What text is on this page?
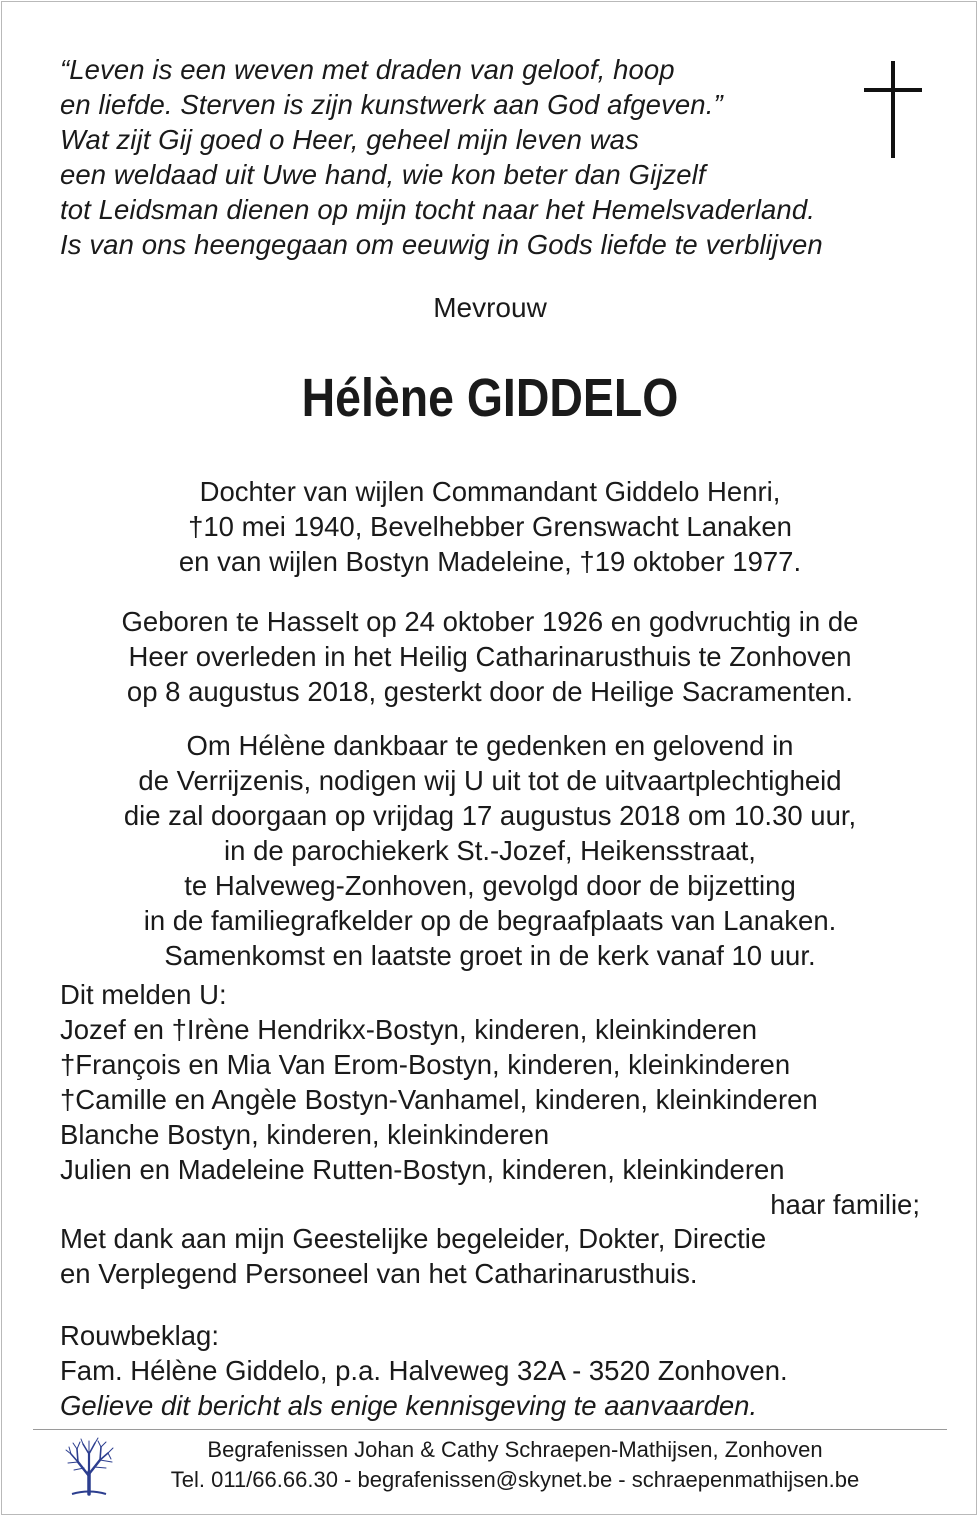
“Leven is een weven met draden van geloof, hoop
en liefde. Sterven is zijn kunstwerk aan God afgeven.”
Wat zijt Gij goed o Heer, geheel mijn leven was
een weldaad uit Uwe hand, wie kon beter dan Gijzelf
tot Leidsman dienen op mijn tocht naar het Hemelsvaderland.
Is van ons heengegaan om eeuwig in Gods liefde te verblijven
Mevrouw
Hélène GIDDELO
Dochter van wijlen Commandant Giddelo Henri,
†10 mei 1940, Bevelhebber Grenswacht Lanaken
en van wijlen Bostyn Madeleine, †19 oktober 1977.
Geboren te Hasselt op 24 oktober 1926 en godvruchtig in de
Heer overleden in het Heilig Catharinarusthuis te Zonhoven
op 8 augustus 2018, gesterkt door de Heilige Sacramenten.
Om Hélène dankbaar te gedenken en gelovend in
de Verrijzenis, nodigen wij U uit tot de uitvaartplechtigheid
die zal doorgaan op vrijdag 17 augustus 2018 om 10.30 uur,
in de parochiekerk St.-Jozef, Heikensstraat,
te Halveweg-Zonhoven, gevolgd door de bijzetting
in de familiegrafkelder op de begraafplaats van Lanaken.
Samenkomst en laatste groet in de kerk vanaf 10 uur.
Dit melden U:
Jozef en †Irène Hendrikx-Bostyn, kinderen, kleinkinderen
†François en Mia Van Erom-Bostyn, kinderen, kleinkinderen
†Camille en Angèle Bostyn-Vanhamel, kinderen, kleinkinderen
Blanche Bostyn, kinderen, kleinkinderen
Julien en Madeleine Rutten-Bostyn, kinderen, kleinkinderen
haar familie;
Met dank aan mijn Geestelijke begeleider, Dokter, Directie
en Verplegend Personeel van het Catharinarusthuis.
Rouwbeklag:
Fam. Hélène Giddelo, p.a. Halveweg 32A - 3520 Zonhoven.
Gelieve dit bericht als enige kennisgeving te aanvaarden.
Begrafenissen Johan & Cathy Schraepen-Mathijsen, Zonhoven
Tel. 011/66.66.30 - begrafenissen@skynet.be - schraepenmathijsen.be
